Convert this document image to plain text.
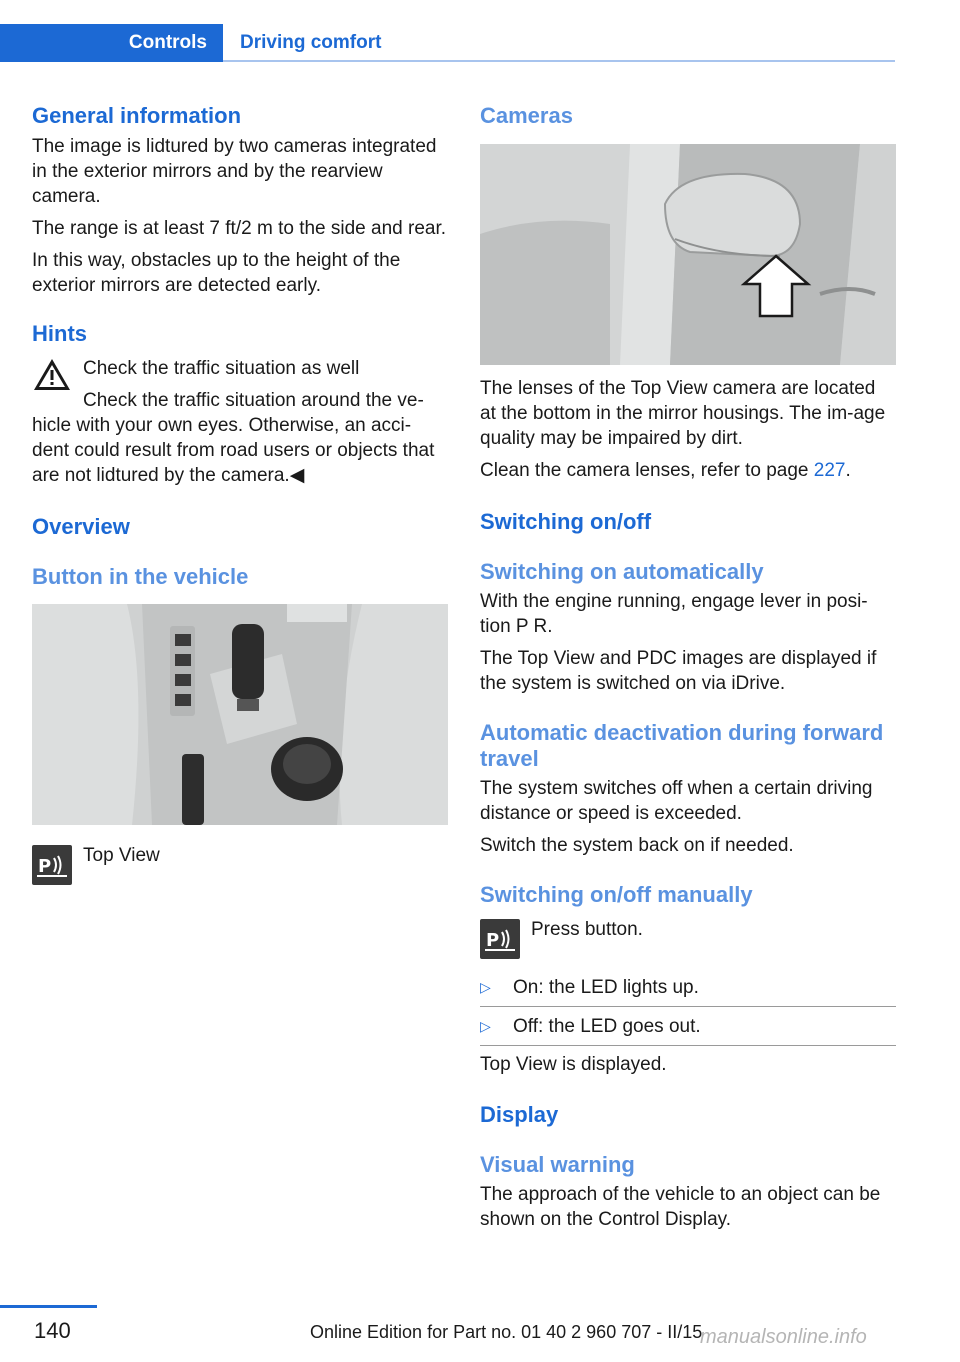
Controls	Driving comfort
General information

The image is lidtured by two cameras integrated in the exterior mirrors and by the rearview camera.

The range is at least 7 ft/2 m to the side and rear.

In this way, obstacles up to the height of the exterior mirrors are detected early.

Hints

Check the traffic situation as well

Check the traffic situation around the ve‐

hicle with your own eyes. Otherwise, an acci‐dent could result from road users or objects that are not lidtured by the camera.◀

Overview
Button in the vehicle
P

Top View

Cameras

The lenses of the Top View camera are located at the bottom in the mirror housings. The im‐age quality may be impaired by dirt.

Clean the camera lenses, refer to page 227.

Switching on/off
Switching on automatically

With the engine running, engage lever in posi‐tion P R.

The Top View and PDC images are displayed if the system is switched on via iDrive.

Automatic deactivation during forward travel

The system switches off when a certain driving distance or speed is exceeded.

Switch the system back on if needed.

Switching on/off manually
P

Press button.

▷	On: the LED lights up.
▷	Off: the LED goes out.

Top View is displayed.

Display
Visual warning

The approach of the vehicle to an object can be shown on the Control Display.

140	Online Edition for Part no. 01 40 2 960 707 - II/15
manualsonline.info
